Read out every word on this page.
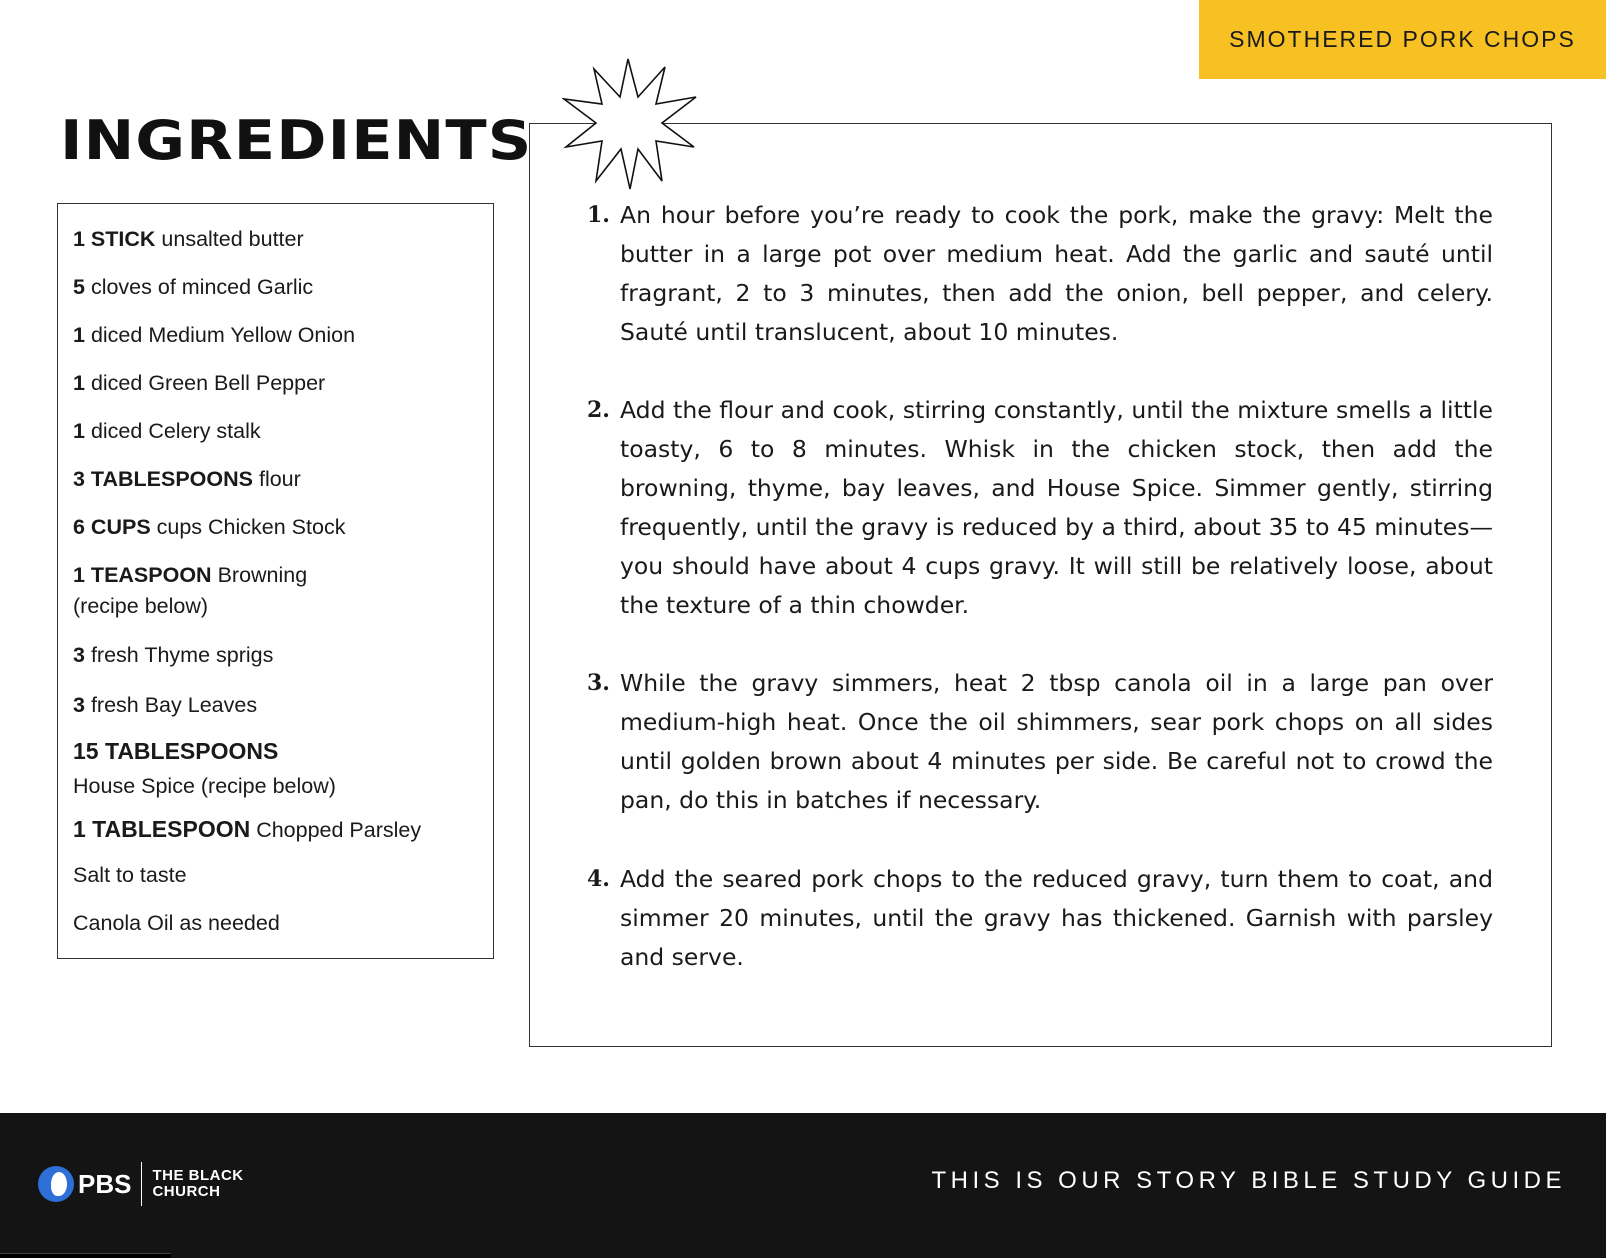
SMOTHERED PORK CHOPS
INGREDIENTS

1 STICK unsalted butter

5 cloves of minced Garlic

1 diced Medium Yellow Onion

1 diced Green Bell Pepper

1 diced Celery stalk

3 TABLESPOONS flour

6 CUPS cups Chicken Stock

1 TEASPOON Browning
(recipe below)

3 fresh Thyme sprigs

3 fresh Bay Leaves

15 TABLESPOONS
House Spice (recipe below)

1 TABLESPOON Chopped Parsley

Salt to taste

Canola Oil as needed

1. An hour before you’re ready to cook the pork, make the gravy: Melt the butter in a large pot over medium heat. Add the garlic and sauté until fragrant, 2 to 3 minutes, then add the onion, bell pepper, and celery. Sauté until translucent, about 10 minutes.
2. Add the flour and cook, stirring constantly, until the mixture smells a little toasty, 6 to 8 minutes. Whisk in the chicken stock, then add the browning, thyme, bay leaves, and House Spice. Simmer gently, stirring frequently, until the gravy is reduced by a third, about 35 to 45 minutes—you should have about 4 cups gravy. It will still be relatively loose, about the texture of a thin chowder.
3. While the gravy simmers, heat 2 tbsp canola oil in a large pan over medium-high heat. Once the oil shimmers, sear pork chops on all sides until golden brown about 4 minutes per side. Be careful not to crowd the pan, do this in batches if necessary.
4. Add the seared pork chops to the reduced gravy, turn them to coat, and simmer 20 minutes, until the gravy has thickened. Garnish with parsley and serve.
PBS THE BLACK
CHURCH	THIS IS OUR STORY BIBLE STUDY GUIDE
